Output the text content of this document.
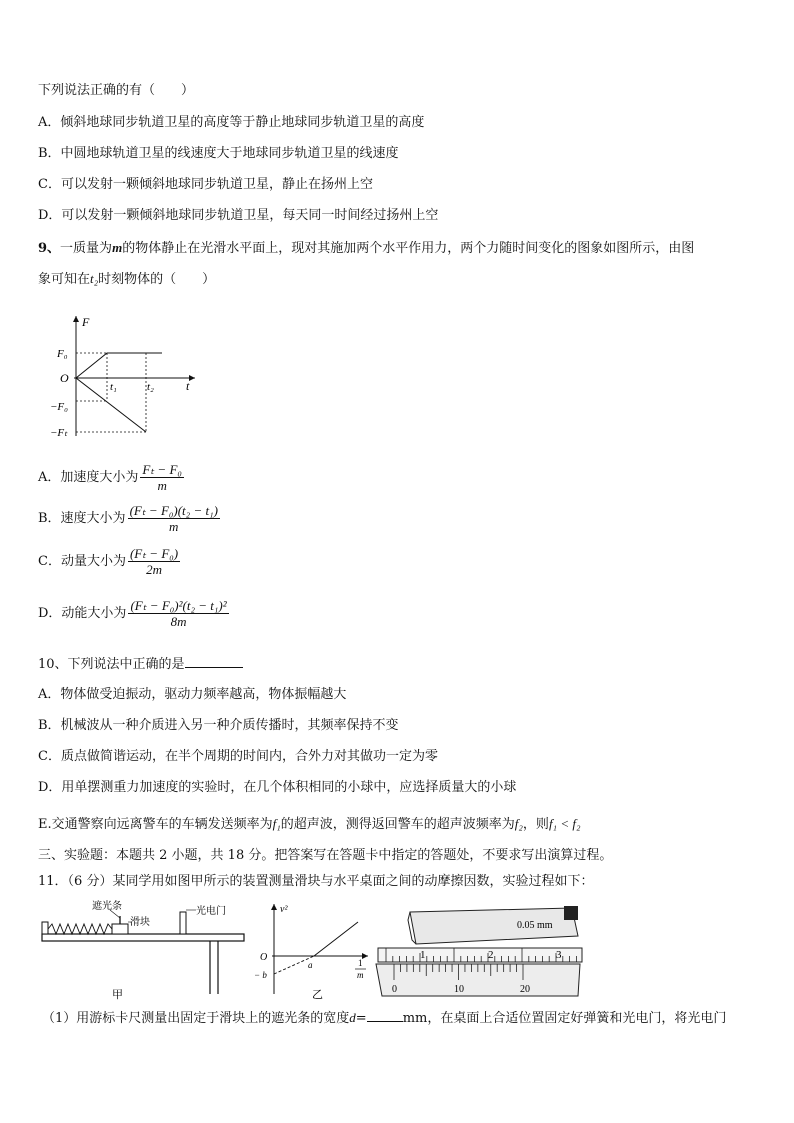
下列说法正确的有（　　）
A．倾斜地球同步轨道卫星的高度等于静止地球同步轨道卫星的高度
B．中圆地球轨道卫星的线速度大于地球同步轨道卫星的线速度
C．可以发射一颗倾斜地球同步轨道卫星，静止在扬州上空
D．可以发射一颗倾斜地球同步轨道卫星，每天同一时间经过扬州上空
9、一质量为m的物体静止在光滑水平面上，现对其施加两个水平作用力，两个力随时间变化的图象如图所示，由图
象可知在t₂时刻物体的（　　）
F
F₀
O
t₁	t₂	t
−F₀
−Fₜ
A．加速度大小为 $\frac{\text{Fₜ − F₀}}{m}$
B．速度大小为 $\frac{\text{(Fₜ − F₀)(t₂ − t₁)}}{m}$
C．动量大小为 $\frac{\text{(Fₜ − F₀)}}{2m}$
D．动能大小为 $\frac{\text{(Fₜ − F₀)²(t₂ − t₁)²}}{8m}$
10、下列说法中正确的是
A．物体做受迫振动，驱动力频率越高，物体振幅越大
B．机械波从一种介质进入另一种介质传播时，其频率保持不变
C．质点做简谐运动，在半个周期的时间内，合外力对其做功一定为零
D．用单摆测重力加速度的实验时，在几个体积相同的小球中，应选择质量大的小球
E.交通警察向远离警车的车辆发送频率为f₁的超声波，测得返回警车的超声波频率为f₂，则f₁ < f₂
三、实验题：本题共 2 小题，共 18 分。把答案写在答题卡中指定的答题处，不要求写出演算过程。
11．（6 分）某同学用如图甲所示的装置测量滑块与水平桌面之间的动摩擦因数，实验过程如下：
遮光条
滑块
光电门
甲
v²
O
− b
a	1
m
乙
0.05 mm
1	2	3
0	10	20
（1）用游标卡尺测量出固定于滑块上的遮光条的宽度d=	mm，在桌面上合适位置固定好弹簧和光电门，将光电门
